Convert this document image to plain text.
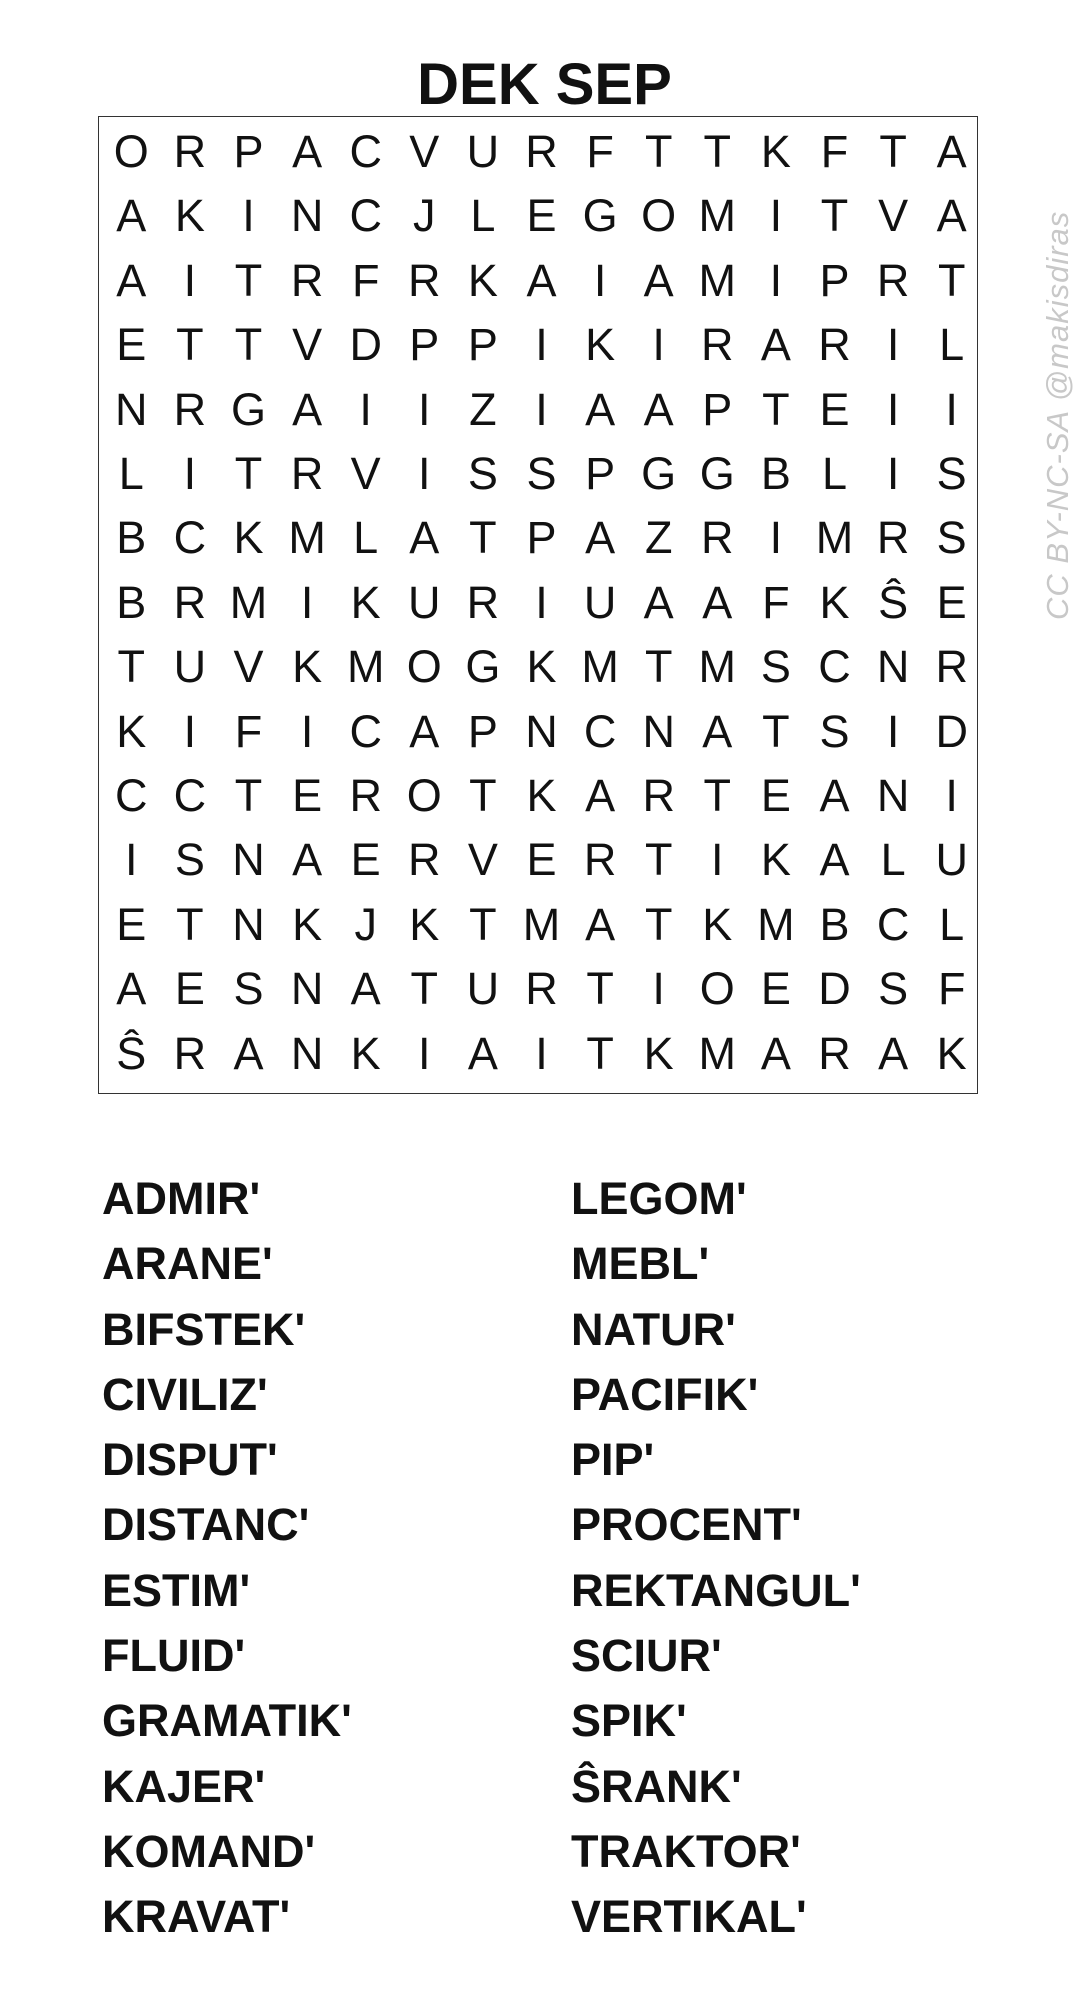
DEK SEP
O R P A C V U R F T T K F T A
A K I N C J L E G O M I T V A
A I T R F R K A I A M I P R T
E T T V D P P I K I R A R I L
N R G A I	I Z I A A P T E I	I
L I T R V I S S P G G B L I S
B C K M L A T P A Z R I M R S
B R M I K U R I U A A F K Ŝ E
T U V K M O G K M T M S C N R
K I F I C A P N C N A T S I D
C C T E R O T K A R T E A N I
I S N A E R V E R T I K A L U
E T N K J K T M A T K M B C L
A E S N A T U R T I O E D S F
Ŝ R A N K I A I T K M A R A K
CC BY-NC-SA @makisdiras
ADMIR'
ARANE'
BIFSTEK'
CIVILIZ'
DISPUT'
DISTANC'
ESTIM'
FLUID'
GRAMATIK'
KAJER'
KOMAND'
KRAVAT'
LEGOM'
MEBL'
NATUR'
PACIFIK'
PIP'
PROCENT'
REKTANGUL'
SCIUR'
SPIK'
ŜRANK'
TRAKTOR'
VERTIKAL'
